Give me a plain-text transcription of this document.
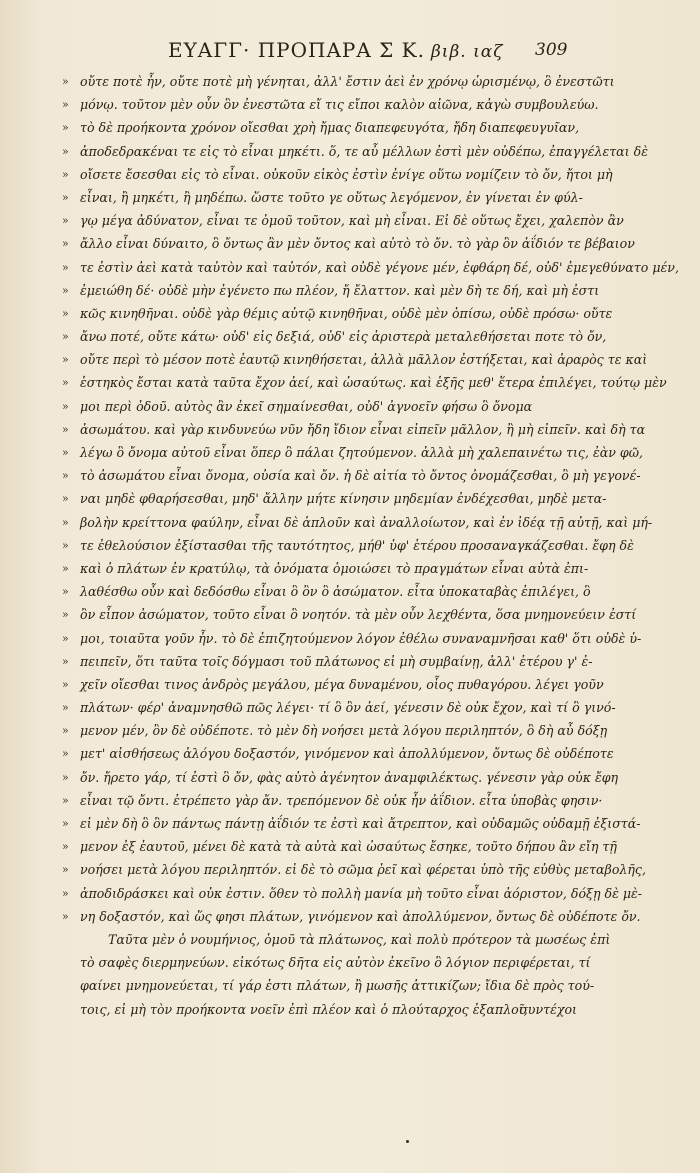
ΕΥΑΓΓ· ΠΡΟΠΑΡΑ Σ Κ. βιβ. ιαζ 309
» οὔτε ποτὲ ἦν, οὔτε ποτὲ μὴ γένηται, ἀλλ' ἔστιν ἀεὶ ἐν χρόνῳ ὡρισμένῳ, ὃ ἐνεστῶτι
» μόνῳ. τοῦτον μὲν οὖν ὃν ἐνεστῶτα εἴ τις εἴποι καλὸν αἰῶνα, κἀγὼ συμβουλεύω.
» τὸ δὲ προήκοντα χρόνον οἴεσθαι χρὴ ἤμας διαπεφευγότα, ἤδη διαπεφευγυῖαν,
» ἀποδεδρακέναι τε εἰς τὸ εἶναι μηκέτι. ὅ, τε αὖ μέλλων ἐστὶ μὲν οὐδέπω, ἐπαγγέλεται δὲ
» οἴσετε ἔσεσθαι εἰς τὸ εἶναι. οὐκοῦν εἰκὸς ἐστὶν ἐνίγε οὕτω νομίζειν τὸ ὄν, ἤτοι μὴ
» εἶναι, ἢ μηκέτι, ἢ μηδέπω. ὥστε τοῦτο γε οὕτως λεγόμενον, ἐν γίνεται ἐν φύλ-
» γῳ μέγα ἀδύνατον, εἶναι τε ὁμοῦ τοῦτον, καὶ μὴ εἶναι. Εἰ δὲ οὕτως ἔχει, χαλεπὸν ἂν
» ἄλλο εἶναι δύναιτο, ὃ ὄντως ἂν μὲν ὄντος καὶ αὐτὸ τὸ ὄν. τὸ γὰρ ὂν ἀΐδιόν τε βέβαιον
» τε ἐστὶν ἀεὶ κατὰ ταὐτὸν καὶ ταὐτόν, καὶ οὐδὲ γέγονε μέν, ἐφθάρη δέ, οὐδ' ἐμεγεθύνατο μέν,
» ἐμειώθη δέ· οὐδὲ μὴν ἐγένετο πω πλέον, ἤ ἔλαττον. καὶ μὲν δὴ τε δή, καὶ μὴ ἐστι
» κῶς κινηθῆναι. οὐδὲ γὰρ θέμις αὐτῷ κινηθῆναι, οὐδὲ μὲν ὀπίσω, οὐδὲ πρόσω· οὔτε
» ἄνω ποτέ, οὔτε κάτω· οὐδ' εἰς δεξιά, οὐδ' εἰς ἀριστερὰ μεταλεθήσεται ποτε τὸ ὄν,
» οὔτε περὶ τὸ μέσον ποτὲ ἑαυτῷ κινηθήσεται, ἀλλὰ μᾶλλον ἐστήξεται, καὶ ἀραρὸς τε καὶ
» ἑστηκὸς ἔσται κατὰ ταῦτα ἔχον ἀεί, καὶ ὡσαύτως. καὶ ἑξῆς μεθ' ἕτερα ἐπιλέγει, τούτῳ μὲν
» μοι περὶ ὁδοῦ. αὐτὸς ἂν ἐκεῖ σημαίνεσθαι, οὐδ' ἀγνοεῖν φήσω ὃ ὄνομα
» ἀσωμάτου. καὶ γὰρ κινδυνεύω νῦν ἤδη ἴδιον εἶναι εἰπεῖν μᾶλλον, ἢ μὴ εἰπεῖν. καὶ δὴ τα
» λέγω ὃ ὄνομα αὐτοῦ εἶναι ὅπερ ὃ πάλαι ζητούμενον. ἀλλὰ μὴ χαλεπαινέτω τις, ἐὰν φῶ,
» τὸ ἀσωμάτου εἶναι ὄνομα, οὐσία καὶ ὄν. ἡ δὲ αἰτία τὸ ὄντος ὀνομάζεσθαι, ὃ μὴ γεγονέ-
» ναι μηδὲ φθαρήσεσθαι, μηδ' ἄλλην μήτε κίνησιν μηδεμίαν ἐνδέχεσθαι, μηδὲ μετα-
» βολὴν κρείττονα φαύλην, εἶναι δὲ ἁπλοῦν καὶ ἀναλλοίωτον, καὶ ἐν ἰδέᾳ τῇ αὐτῇ, καὶ μή-
» τε ἐθελούσιον ἐξίστασθαι τῆς ταυτότητος, μήθ' ὑφ' ἑτέρου προσαναγκάζεσθαι. ἔφη δὲ
» καὶ ὁ πλάτων ἐν κρατύλῳ, τὰ ὀνόματα ὁμοιώσει τὸ πραγμάτων εἶναι αὐτὰ ἐπι-
» λαθέσθω οὖν καὶ δεδόσθω εἶναι ὃ ὂν ὃ ἀσώματον. εἶτα ὑποκαταβὰς ἐπιλέγει, ὃ
» ὂν εἶπον ἀσώματον, τοῦτο εἶναι ὃ νοητόν. τὰ μὲν οὖν λεχθέντα, ὅσα μνημονεύειν ἐστί
» μοι, τοιαῦτα γοῦν ἦν. τὸ δὲ ἐπιζητούμενον λόγον ἐθέλω συναναμνῆσαι καθ' ὅτι οὐδὲ ὑ-
» πειπεῖν, ὅτι ταῦτα τοῖς δόγμασι τοῦ πλάτωνος εἰ μὴ συμβαίνῃ, ἀλλ' ἑτέρου γ' ἐ-
» χεῖν οἴεσθαι τινος ἀνδρὸς μεγάλου, μέγα δυναμένου, οἷος πυθαγόρου. λέγει γοῦν
» πλάτων· φέρ' ἀναμνησθῶ πῶς λέγει· τί ὃ ὂν ἀεί, γένεσιν δὲ οὐκ ἔχον, καὶ τί ὃ γινό-
» μενον μέν, ὂν δὲ οὐδέποτε. τὸ μὲν δὴ νοήσει μετὰ λόγου περιληπτόν, ὃ δὴ αὖ δόξῃ
» μετ' αἰσθήσεως ἀλόγου δοξαστόν, γινόμενον καὶ ἀπολλύμενον, ὄντως δὲ οὐδέποτε
» ὄν. ἤρετο γάρ, τί ἐστὶ ὃ ὄν, φὰς αὐτὸ ἀγένητον ἀναμφιλέκτως. γένεσιν γὰρ οὐκ ἔφη
» εἶναι τῷ ὄντι. ἐτρέπετο γὰρ ἄν. τρεπόμενον δὲ οὐκ ἦν ἀΐδιον. εἶτα ὑποβὰς φησιν·
» εἰ μὲν δὴ ὃ ὂν πάντως πάντῃ ἀΐδιόν τε ἐστὶ καὶ ἄτρεπτον, καὶ οὐδαμῶς οὐδαμῇ ἐξιστά-
» μενον ἐξ ἑαυτοῦ, μένει δὲ κατὰ τὰ αὐτὰ καὶ ὡσαύτως ἔσηκε, τοῦτο δήπου ἂν εἴη τῇ
» νοήσει μετὰ λόγου περιληπτόν. εἰ δὲ τὸ σῶμα ῥεῖ καὶ φέρεται ὑπὸ τῆς εὐθὺς μεταβολῆς,
» ἀποδιδράσκει καὶ οὐκ ἐστιν. ὅθεν τὸ πολλὴ μανία μὴ τοῦτο εἶναι ἀόριστον, δόξῃ δὲ μὲ-
» νη δοξαστόν, καὶ ὥς φησι πλάτων, γινόμενον καὶ ἀπολλύμενον, ὄντως δὲ οὐδέποτε ὄν.
Ταῦτα μὲν ὁ νουμήνιος, ὁμοῦ τὰ πλάτωνος, καὶ πολὺ πρότερον τὰ μωσέως ἐπὶ
τὸ σαφὲς διερμηνεύων. εἰκότως δῆτα εἰς αὐτὸν ἐκεῖνο ὃ λόγιον περιφέρεται, τί
φαίνει μνημονεύεται, τί γάρ ἐστι πλάτων, ἢ μωσῆς ἀττικίζων; ἴδια δὲ πρὸς τού-
τοις, εἰ μὴ τὸν προήκοντα νοεῖν ἐπὶ πλέον καὶ ὁ πλούταρχος ἐξαπλοῖ,
συντέχοι
